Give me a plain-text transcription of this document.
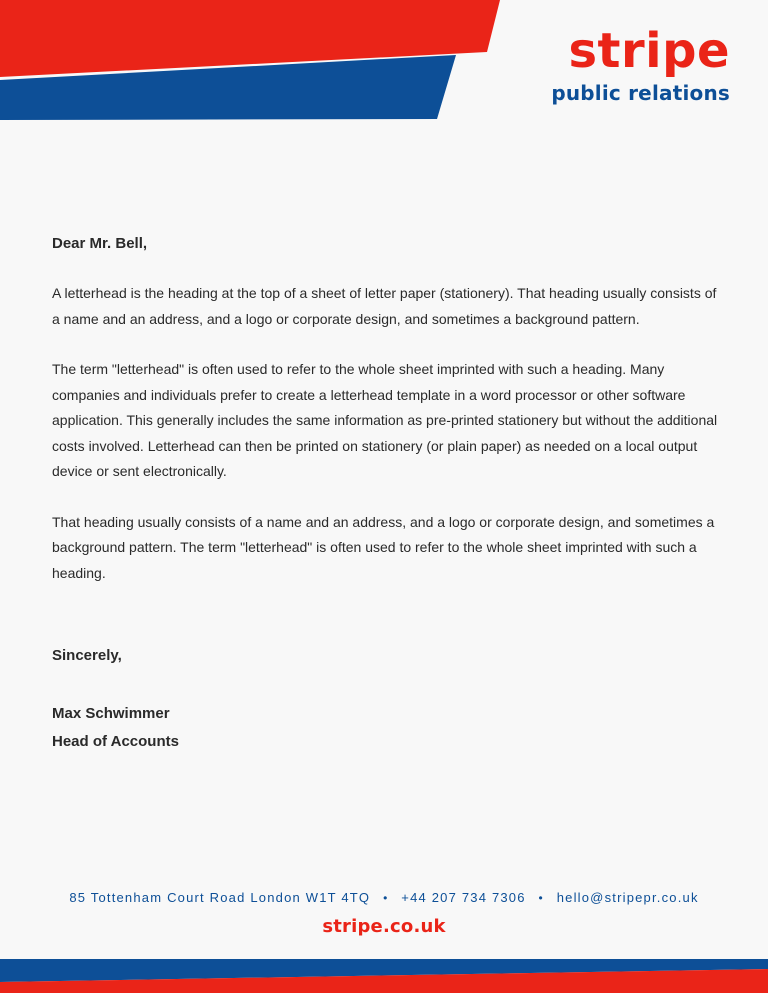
stripe
public relations
Dear Mr. Bell,

A letterhead is the heading at the top of a sheet of letter paper (stationery). That heading usually consists of a name and an address, and a logo or corporate design, and sometimes a background pattern.

The term "letterhead" is often used to refer to the whole sheet imprinted with such a heading. Many companies and individuals prefer to create a letterhead template in a word processor or other software application. This generally includes the same information as pre-printed stationery but without the additional costs involved. Letterhead can then be printed on stationery (or plain paper) as needed on a local output device or sent electronically.

That heading usually consists of a name and an address, and a logo or corporate design, and sometimes a background pattern. The term "letterhead" is often used to refer to the whole sheet imprinted with such a heading.

Sincerely,
Max Schwimmer
Head of Accounts
85 Tottenham Court Road London W1T 4TQ • +44 207 734 7306 • hello@stripepr.co.uk
stripe.co.uk
